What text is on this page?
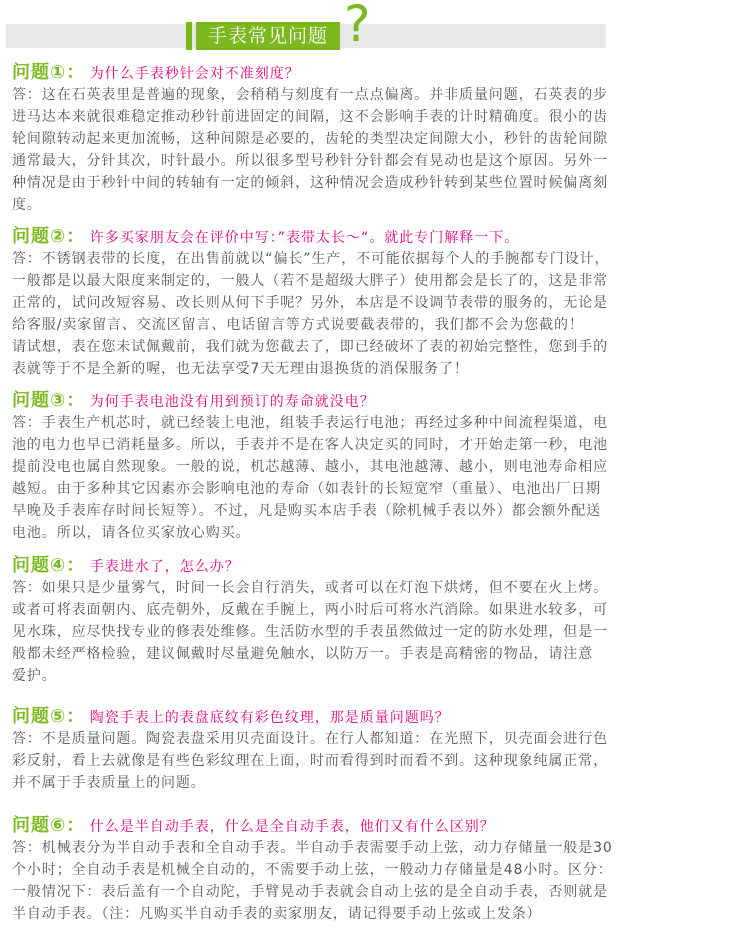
手表常见问题 ?
问题①： 为什么手表秒针会对不准刻度？
答：这在石英表里是普遍的现象，会稍稍与刻度有一点点偏离。并非质量问题，石英表的步
进马达本来就很难稳定推动秒针前进固定的间隔，这不会影响手表的计时精确度。很小的齿
轮间隙转动起来更加流畅，这种间隙是必要的，齿轮的类型决定间隙大小，秒针的齿轮间隙
通常最大，分针其次，时针最小。所以很多型号秒针分针都会有晃动也是这个原因。另外一
种情况是由于秒针中间的转轴有一定的倾斜，这种情况会造成秒针转到某些位置时候偏离刻
度。
问题②： 许多买家朋友会在评价中写：”表带太长～“。就此专门解释一下。
答：不锈钢表带的长度，在出售前就以“偏长”生产，不可能依据每个人的手腕都专门设计，
一般都是以最大限度来制定的，一般人（若不是超级大胖子）使用都会是长了的，这是非常
正常的，试问改短容易、改长则从何下手呢？另外，本店是不设调节表带的服务的，无论是
给客服/卖家留言、交流区留言、电话留言等方式说要截表带的，我们都不会为您截的！
请试想，表在您未试佩戴前，我们就为您截去了，即已经破坏了表的初始完整性，您到手的
表就等于不是全新的喔，也无法享受7天无理由退换货的消保服务了！
问题③： 为何手表电池没有用到预订的寿命就没电？
答：手表生产机芯时，就已经装上电池，组装手表运行电池；再经过多种中间流程渠道，电
池的电力也早已消耗量多。所以，手表并不是在客人决定买的同时，才开始走第一秒，电池
提前没电也属自然现象。一般的说，机芯越薄、越小，其电池越薄、越小，则电池寿命相应
越短。由于多种其它因素亦会影响电池的寿命（如表针的长短宽窄（重量）、电池出厂日期
早晚及手表库存时间长短等）。不过，凡是购买本店手表（除机械手表以外）都会额外配送
电池。所以，请各位买家放心购买。
问题④： 手表进水了，怎么办？
答：如果只是少量雾气，时间一长会自行消失，或者可以在灯泡下烘烤，但不要在火上烤。
或者可将表面朝内、底壳朝外，反戴在手腕上，两小时后可将水汽消除。如果进水较多，可
见水珠，应尽快找专业的修表处维修。生活防水型的手表虽然做过一定的防水处理，但是一
般都未经严格检验，建议佩戴时尽量避免触水，以防万一。手表是高精密的物品，请注意
爱护。
问题⑤： 陶瓷手表上的表盘底纹有彩色纹理，那是质量问题吗？
答：不是质量问题。陶瓷表盘采用贝壳面设计。在行人都知道：在光照下，贝壳面会进行色
彩反射，看上去就像是有些色彩纹理在上面，时而看得到时而看不到。这种现象纯属正常，
并不属于手表质量上的问题。
问题⑥： 什么是半自动手表，什么是全自动手表，他们又有什么区别？
答：机械表分为半自动手表和全自动手表。半自动手表需要手动上弦，动力存储量一般是30
个小时；全自动手表是机械全自动的，不需要手动上弦，一般动力存储量是48小时。区分：
一般情况下：表后盖有一个自动陀，手臂晃动手表就会自动上弦的是全自动手表，否则就是
半自动手表。（注：凡购买半自动手表的卖家朋友，请记得要手动上弦或上发条）
